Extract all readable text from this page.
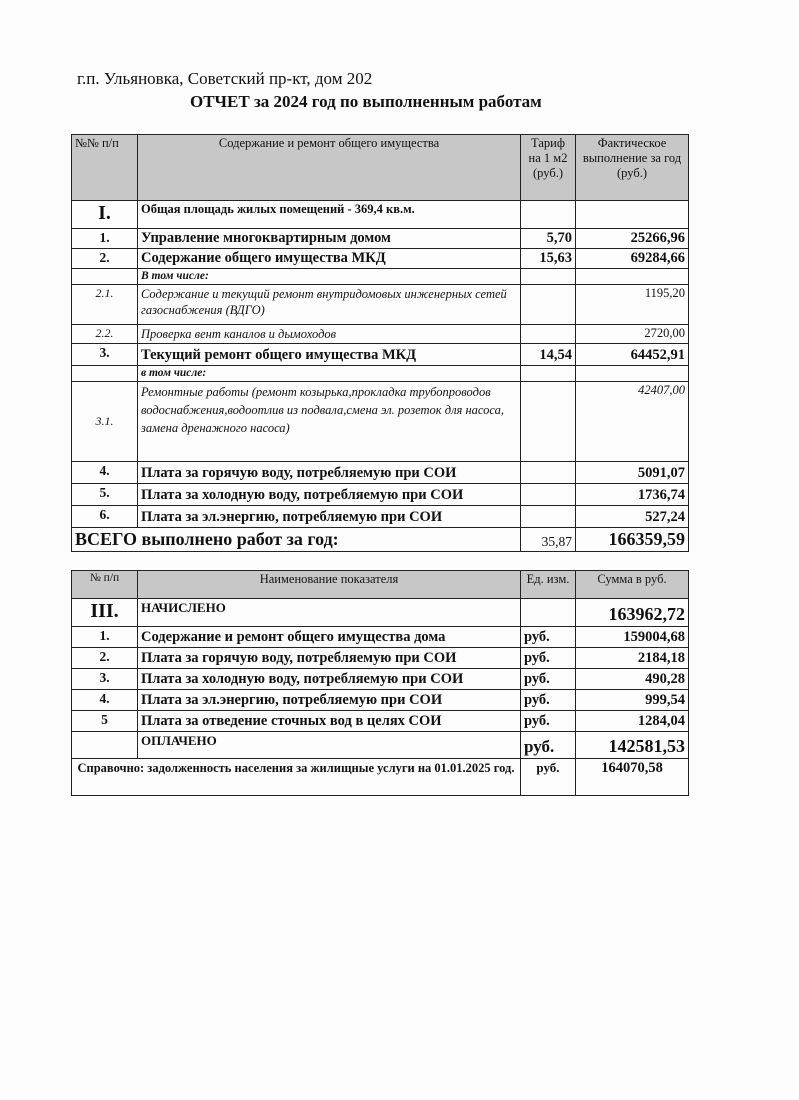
г.п. Ульяновка, Советский пр-кт, дом 202
ОТЧЕТ за 2024 год по выполненным работам
№№ п/п	Содержание и ремонт общего имущества	Тариф на 1 м2 (руб.)	Фактическое выполнение за год (руб.)
I.	Общая площадь жилых помещений - 369,4 кв.м.		
1.	Управление многоквартирным домом	5,70	25266,96
2.	Содержание общего имущества МКД	15,63	69284,66
	В том числе:		
2.1.	Содержание и текущий ремонт внутридомовых инженерных сетей газоснабжения (ВДГО)		1195,20
2.2.	Проверка вент каналов и дымоходов		2720,00
3.	Текущий ремонт общего имущества МКД	14,54	64452,91
	в том числе:		
3.1.	Ремонтные работы (ремонт козырька,прокладка трубопроводов водоснабжения,водоотлив из подвала,смена эл. розеток для насоса, замена дренажного насоса)		42407,00
4.	Плата за горячую воду, потребляемую при СОИ		5091,07
5.	Плата за холодную воду, потребляемую при СОИ		1736,74
6.	Плата за эл.энергию, потребляемую при СОИ		527,24
ВСЕГО выполнено работ за год:		35,87	166359,59
№ п/п	Наименование показателя	Ед. изм.	Сумма в руб.
III.	НАЧИСЛЕНО		163962,72
1.	Содержание и ремонт общего имущества дома	руб.	159004,68
2.	Плата за горячую воду, потребляемую при СОИ	руб.	2184,18
3.	Плата за холодную воду, потребляемую при СОИ	руб.	490,28
4.	Плата за эл.энергию, потребляемую при СОИ	руб.	999,54
5	Плата за отведение сточных вод в целях СОИ	руб.	1284,04
	ОПЛАЧЕНО	руб.	142581,53
Справочно: задолженность населения за жилищные услуги на 01.01.2025 год.		руб.	164070,58
